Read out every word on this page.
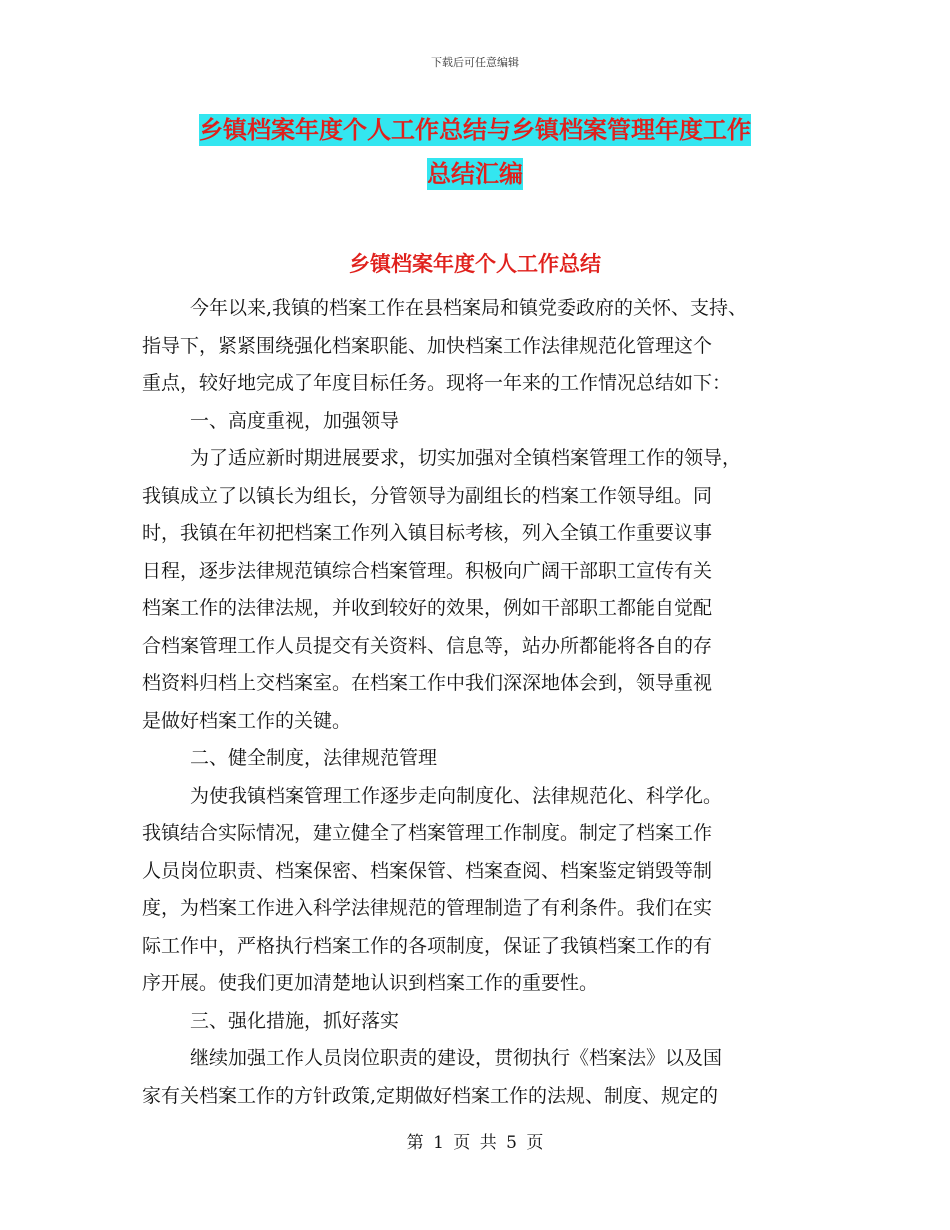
下载后可任意编辑
乡镇档案年度个人工作总结与乡镇档案管理年度工作
总结汇编
乡镇档案年度个人工作总结
今年以来,我镇的档案工作在县档案局和镇党委政府的关怀、支持、
指导下，紧紧围绕强化档案职能、加快档案工作法律规范化管理这个
重点，较好地完成了年度目标任务。现将一年来的工作情况总结如下：
一、高度重视，加强领导
为了适应新时期进展要求，切实加强对全镇档案管理工作的领导，
我镇成立了以镇长为组长，分管领导为副组长的档案工作领导组。同
时，我镇在年初把档案工作列入镇目标考核，列入全镇工作重要议事
日程，逐步法律规范镇综合档案管理。积极向广阔干部职工宣传有关
档案工作的法律法规，并收到较好的效果，例如干部职工都能自觉配
合档案管理工作人员提交有关资料、信息等，站办所都能将各自的存
档资料归档上交档案室。在档案工作中我们深深地体会到，领导重视
是做好档案工作的关键。
二、健全制度，法律规范管理
为使我镇档案管理工作逐步走向制度化、法律规范化、科学化。
我镇结合实际情况，建立健全了档案管理工作制度。制定了档案工作
人员岗位职责、档案保密、档案保管、档案查阅、档案鉴定销毁等制
度，为档案工作进入科学法律规范的管理制造了有利条件。我们在实
际工作中，严格执行档案工作的各项制度，保证了我镇档案工作的有
序开展。使我们更加清楚地认识到档案工作的重要性。
三、强化措施，抓好落实
继续加强工作人员岗位职责的建设，贯彻执行《档案法》以及国
家有关档案工作的方针政策,定期做好档案工作的法规、制度、规定的
第 1 页 共 5 页
